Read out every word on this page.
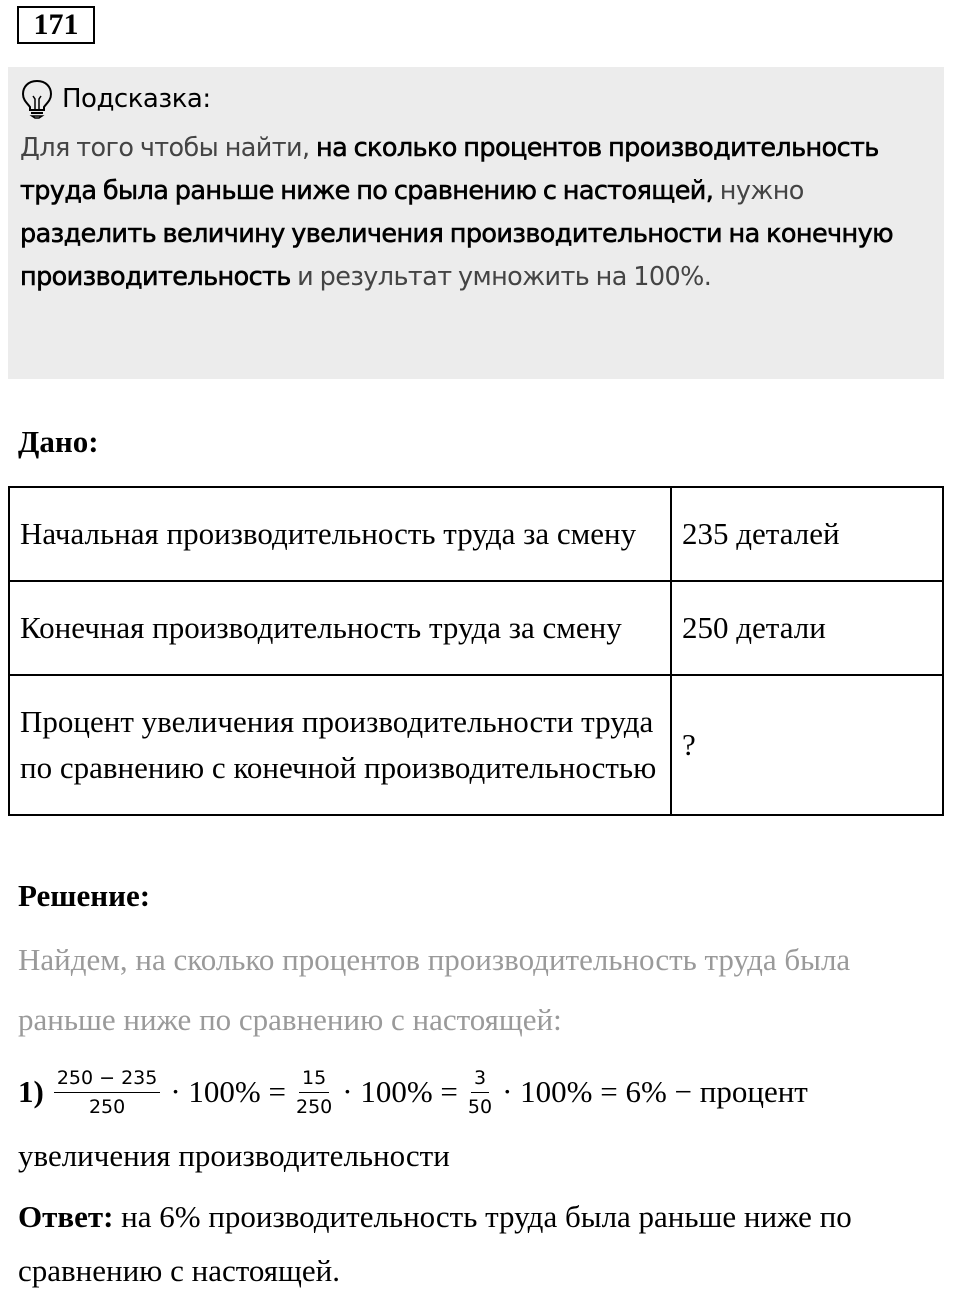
171
Подсказка:
Для того чтобы найти, на сколько процентов производительность труда была раньше ниже по сравнению с настоящей, нужно разделить величину увеличения производительности на конечную производительность и результат умножить на 100%.
Дано:
Начальная производительность труда за смену	235 деталей
Конечная производительность труда за смену	250 детали
Процент увеличения производительности труда по сравнению с конечной производительностью	?
Решение:
Найдем, на сколько процентов производительность труда была раньше ниже по сравнению с настоящей:
$1) \frac{250 - 235}{250} \cdot 100\% = \frac{15}{250} \cdot 100\% = \frac{3}{50} \cdot 100\% = 6\%$ − процент
увеличения производительности
Ответ: на 6% производительность труда была раньше ниже по сравнению с настоящей.
